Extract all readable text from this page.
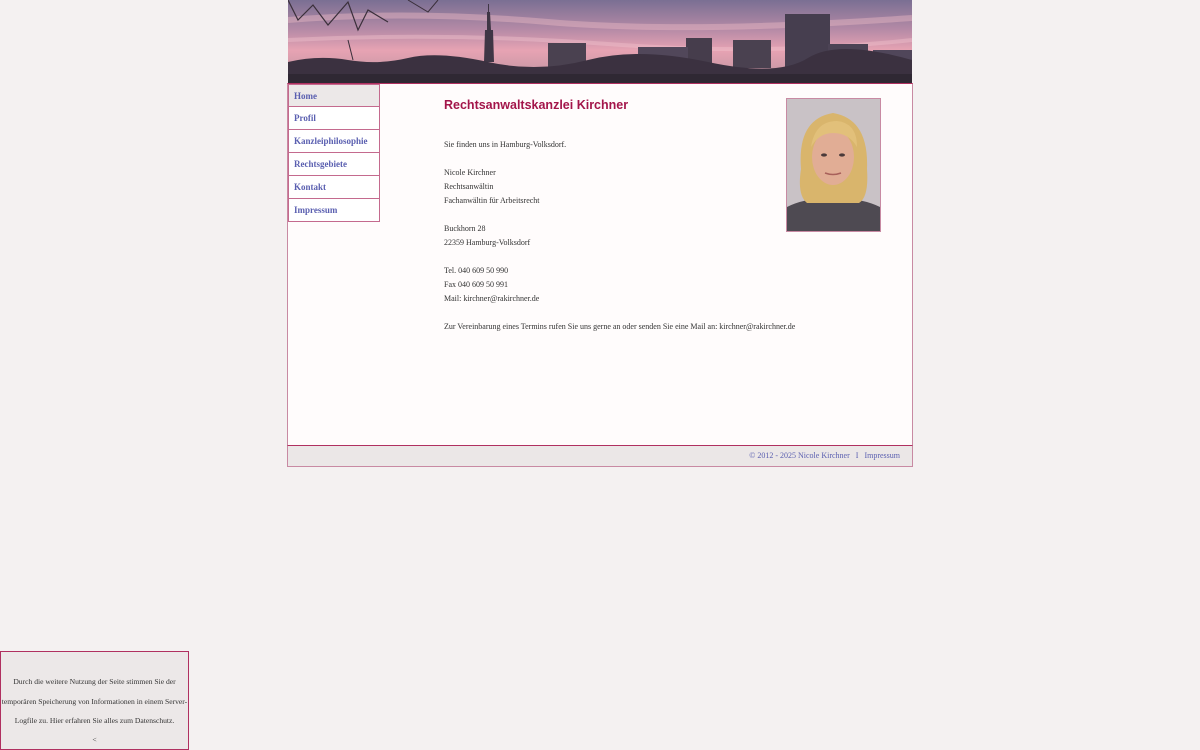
Home
Profil
Kanzleiphilosophie
Rechtsgebiete
Kontakt
Impressum
Rechtsanwaltskanzlei Kirchner
Sie finden uns in Hamburg-Volksdorf.
Nicole Kirchner
Rechtsanwältin
Fachanwältin für Arbeitsrecht
Buckhorn 28
22359 Hamburg-Volksdorf
Tel. 040 609 50 990
Fax 040 609 50 991
Mail: kirchner@rakirchner.de
Zur Vereinbarung eines Termins rufen Sie uns gerne an oder senden Sie eine Mail an: kirchner@rakirchner.de
© 2012 - 2025 Nicole Kirchner I Impressum
Durch die weitere Nutzung der Seite stimmen Sie der
temporären Speicherung von Informationen in einem Server-
Logfile zu. Hier erfahren Sie alles zum Datenschutz.
<
